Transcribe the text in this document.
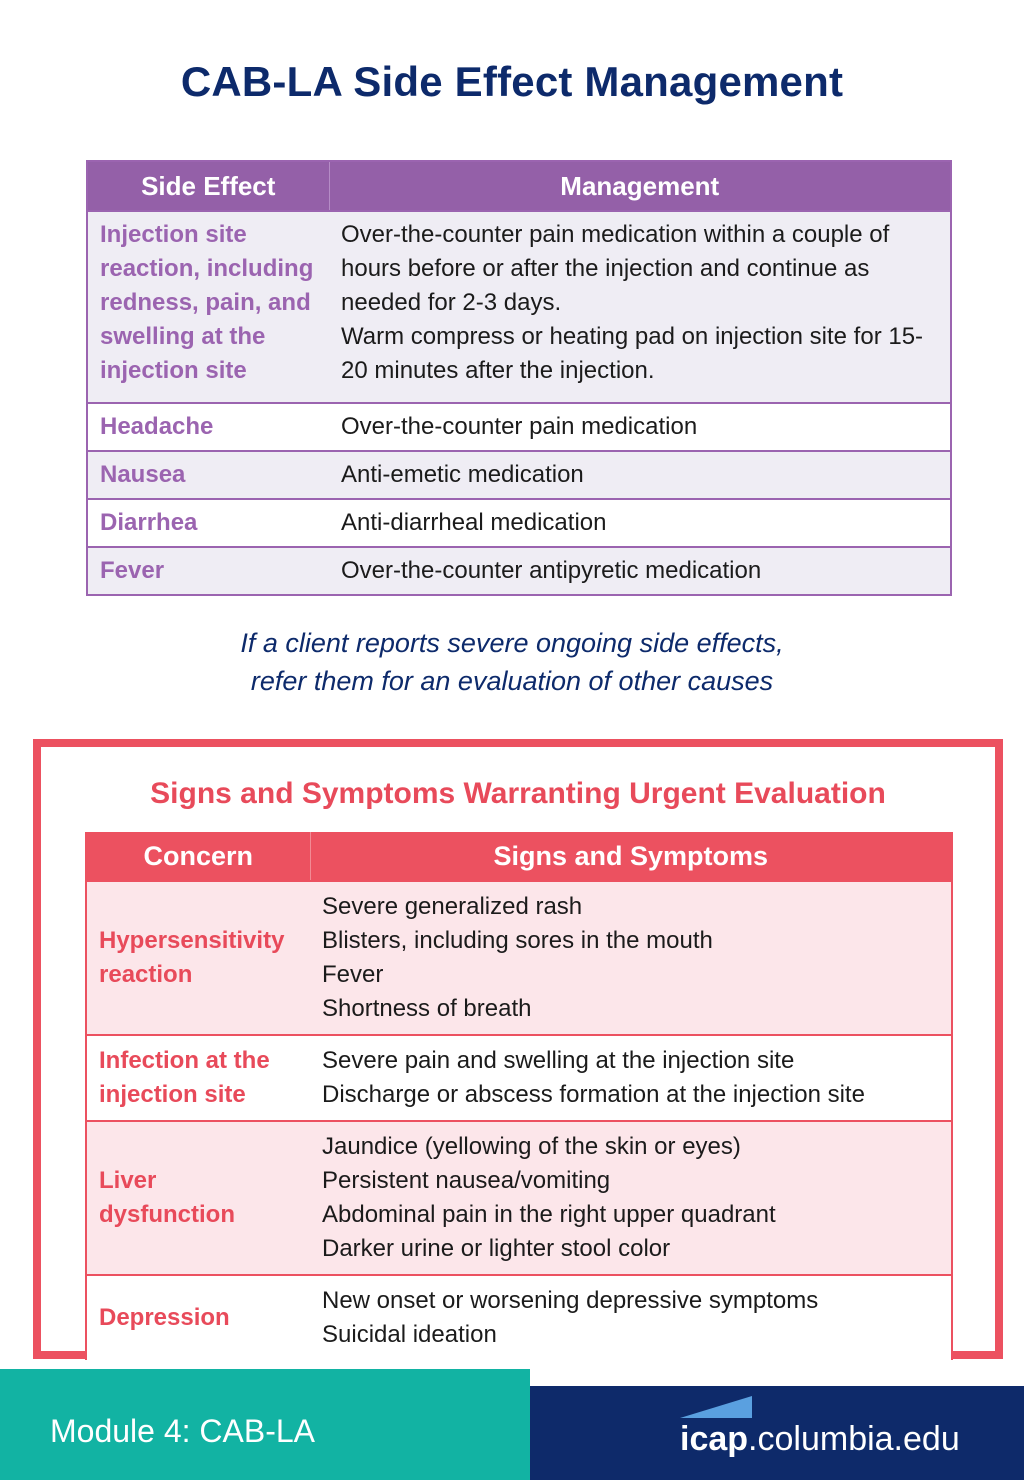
CAB-LA Side Effect Management
Side Effect	Management
Injection site reaction, including redness, pain, and swelling at the injection site	Over-the-counter pain medication within a couple of hours before or after the injection and continue as needed for 2-3 days.
Warm compress or heating pad on injection site for 15-20 minutes after the injection.

Headache	Over-the-counter pain medication
Nausea	Anti-emetic medication
Diarrhea	Anti-diarrheal medication
Fever	Over-the-counter antipyretic medication
If a client reports severe ongoing side effects,
refer them for an evaluation of other causes
Signs and Symptoms Warranting Urgent Evaluation
Concern	Signs and Symptoms
Hypersensitivity reaction	Severe generalized rash
Blisters, including sores in the mouth
Fever
Shortness of breath

Infection at the injection site	Severe pain and swelling at the injection site
Discharge or abscess formation at the injection site

Liver dysfunction	Jaundice (yellowing of the skin or eyes)
Persistent nausea/vomiting
Abdominal pain in the right upper quadrant
Darker urine or lighter stool color

Depression	New onset or worsening depressive symptoms
Suicidal ideation
Module 4: CAB-LA	icap.columbia.edu
